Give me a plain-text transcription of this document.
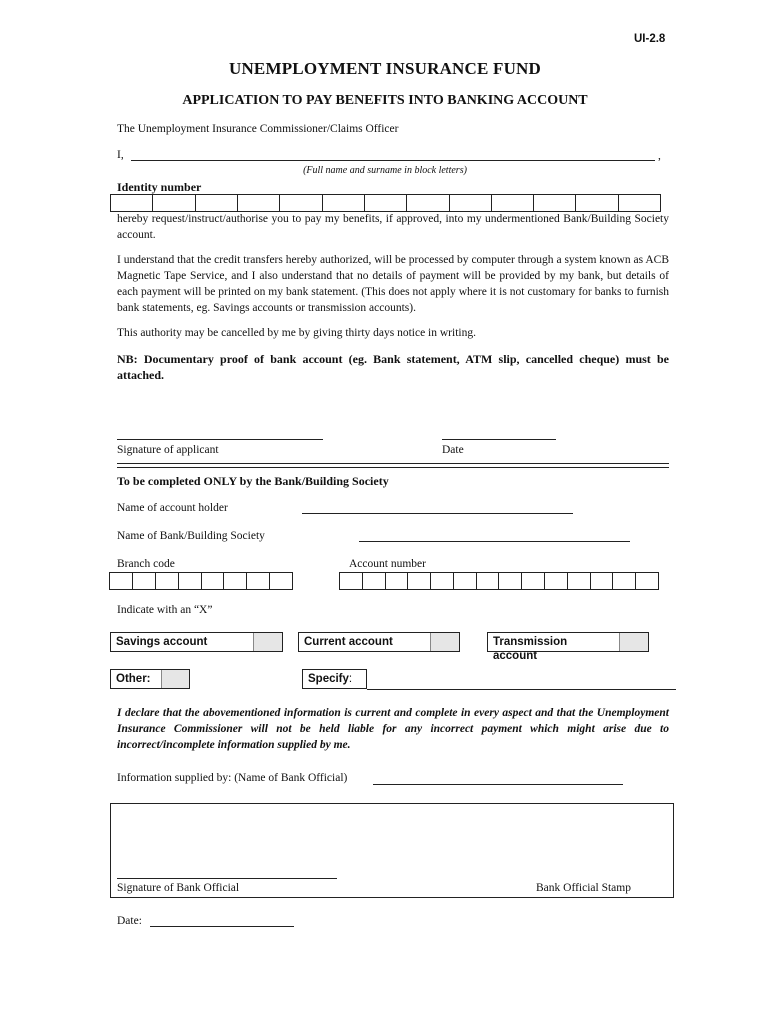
UI-2.8
UNEMPLOYMENT INSURANCE FUND
APPLICATION TO PAY BENEFITS INTO BANKING ACCOUNT
The Unemployment Insurance Commissioner/Claims Officer
I,	,
(Full name and surname in block letters)
Identity number
hereby request/instruct/authorise you to pay my benefits, if approved, into my undermentioned Bank/Building Society account.
I understand that the credit transfers hereby authorized, will be processed by computer through a system known as ACB Magnetic Tape Service, and I also understand that no details of payment will be provided by my bank, but details of each payment will be printed on my bank statement. (This does not apply where it is not customary for banks to furnish bank statements, eg. Savings accounts or transmission accounts).
This authority may be cancelled by me by giving thirty days notice in writing.
NB: Documentary proof of bank account (eg. Bank statement, ATM slip, cancelled cheque) must be attached.
Signature of applicant	Date
To be completed ONLY by the Bank/Building Society
Name of account holder
Name of Bank/Building Society
Branch code	Account number
Indicate with an “X”
Savings account	Current account	Transmission account
Other:	Specify:
I declare that the abovementioned information is current and complete in every aspect and that the Unemployment Insurance Commissioner will not be held liable for any incorrect payment which might arise due to incorrect/incomplete information supplied by me.
Information supplied by: (Name of Bank Official)
Signature of Bank Official	Bank Official Stamp
Date:
